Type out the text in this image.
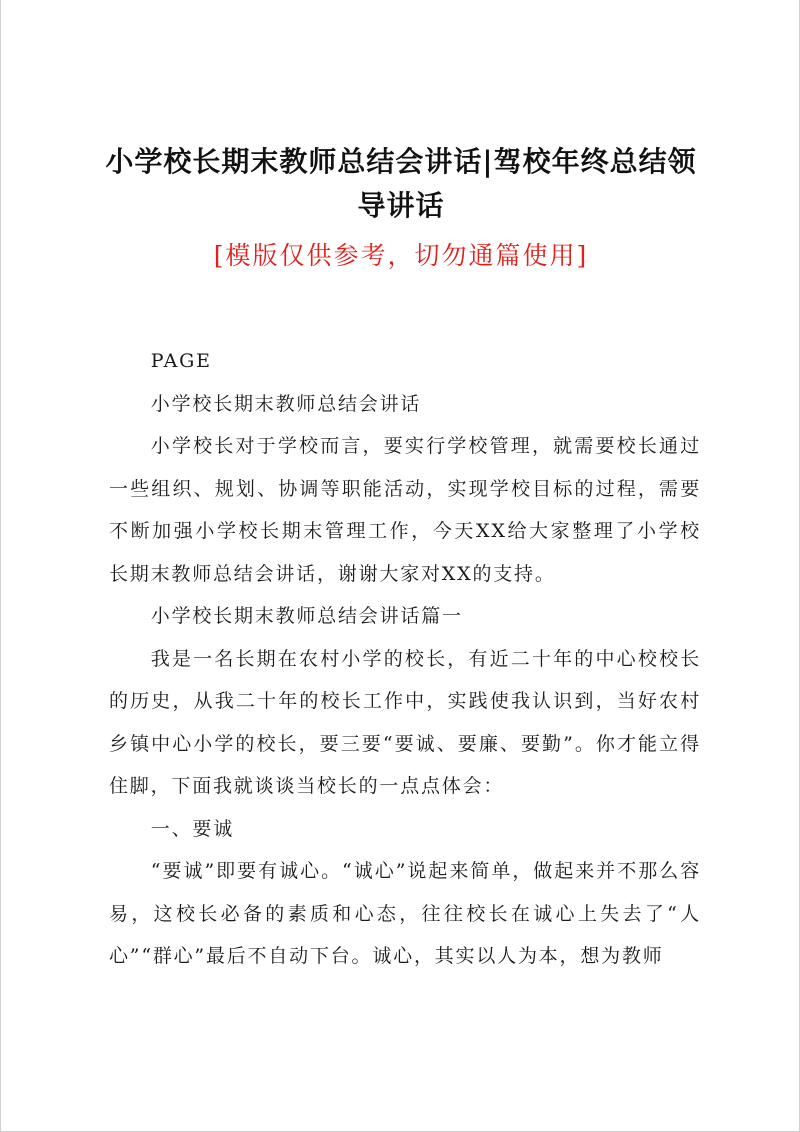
小学校长期末教师总结会讲话|驾校年终总结领导讲话
[模版仅供参考，切勿通篇使用]

PAGE

小学校长期末教师总结会讲话

小学校长对于学校而言，要实行学校管理，就需要校长通过一些组织、规划、协调等职能活动，实现学校目标的过程，需要不断加强小学校长期末管理工作，今天XX给大家整理了小学校长期末教师总结会讲话，谢谢大家对XX的支持。

小学校长期末教师总结会讲话篇一

我是一名长期在农村小学的校长，有近二十年的中心校校长的历史，从我二十年的校长工作中，实践使我认识到，当好农村乡镇中心小学的校长，要三要“要诚、要廉、要勤”。你才能立得住脚，下面我就谈谈当校长的一点点体会：

一、要诚

“要诚”即要有诚心。“诚心”说起来简单，做起来并不那么容易，这校长必备的素质和心态，往往校长在诚心上失去了“人心”“群心”最后不自动下台。诚心，其实以人为本，想为教师
